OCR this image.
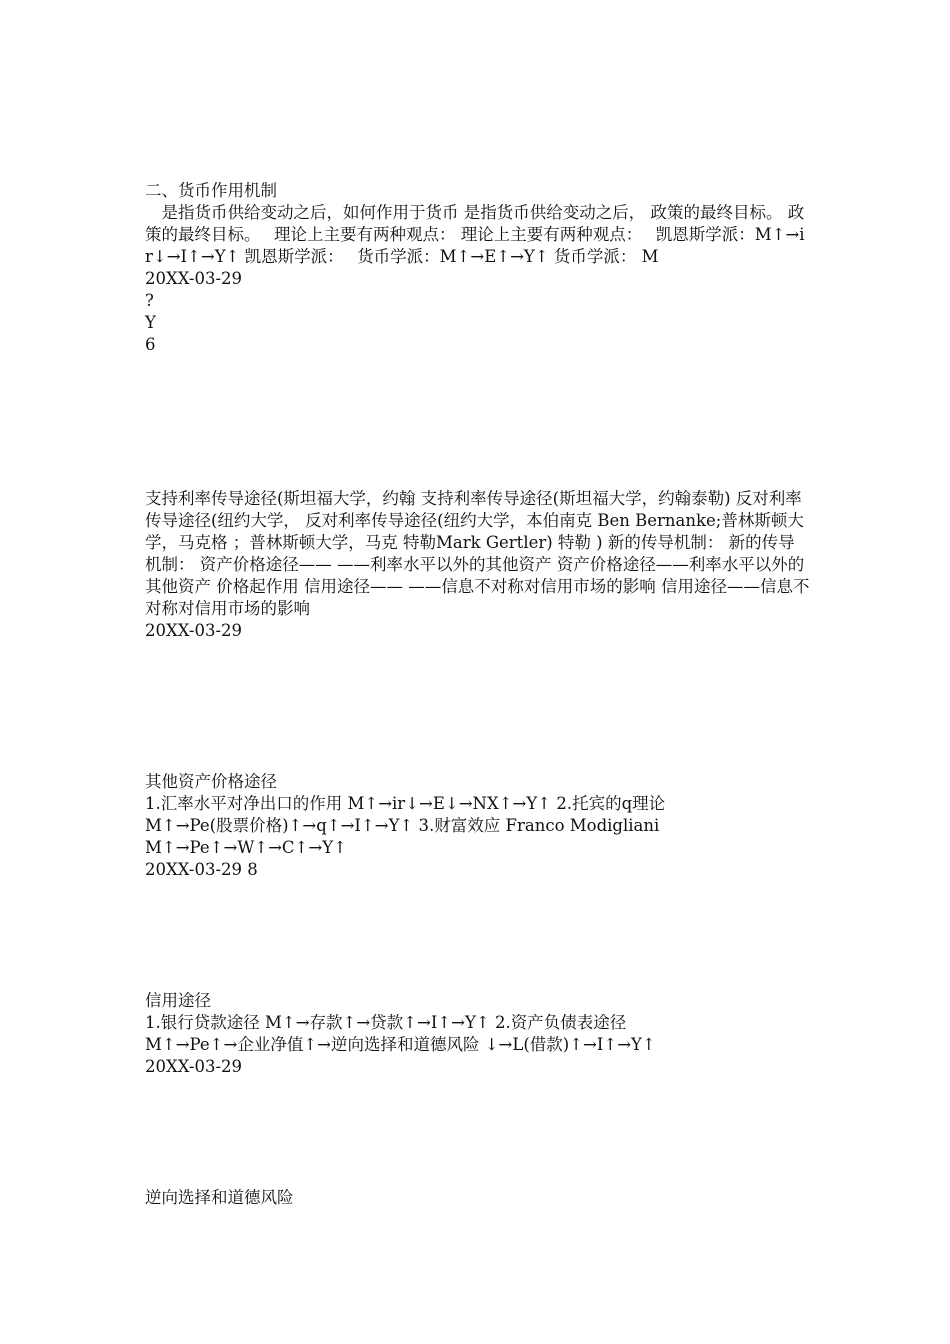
二、货币作用机制
　是指货币供给变动之后，如何作用于货币 是指货币供给变动之后， 政策的最终目标。 政策的最终目标。　 理论上主要有两种观点： 理论上主要有两种观点：　 凯恩斯学派：M↑→ir↓→I↑→Y↑ 凯恩斯学派：　 货币学派：M↑→E↑→Y↑ 货币学派： M
20XX-03-29
?
Y
6
支持利率传导途径(斯坦福大学，约翰 支持利率传导途径(斯坦福大学，约翰泰勒) 反对利率传导途径(纽约大学， 反对利率传导途径(纽约大学，本伯南克 Ben Bernanke;普林斯顿大学，马克格 ；普林斯顿大学，马克 特勒Mark Gertler) 特勒 ) 新的传导机制： 新的传导机制： 资产价格途径—— ——利率水平以外的其他资产 资产价格途径——利率水平以外的其他资产 价格起作用 信用途径—— ——信息不对称对信用市场的影响 信用途径——信息不对称对信用市场的影响
20XX-03-29
其他资产价格途径
1.汇率水平对净出口的作用 M↑→ir↓→E↓→NX↑→Y↑ 2.托宾的q理论
M↑→Pe(股票价格)↑→q↑→I↑→Y↑ 3.财富效应 Franco Modigliani
M↑→Pe↑→W↑→C↑→Y↑
20XX-03-29 8
信用途径
1.银行贷款途径 M↑→存款↑→贷款↑→I↑→Y↑ 2.资产负债表途径
M↑→Pe↑→企业净值↑→逆向选择和道德风险 ↓→L(借款)↑→I↑→Y↑
20XX-03-29
逆向选择和道德风险
